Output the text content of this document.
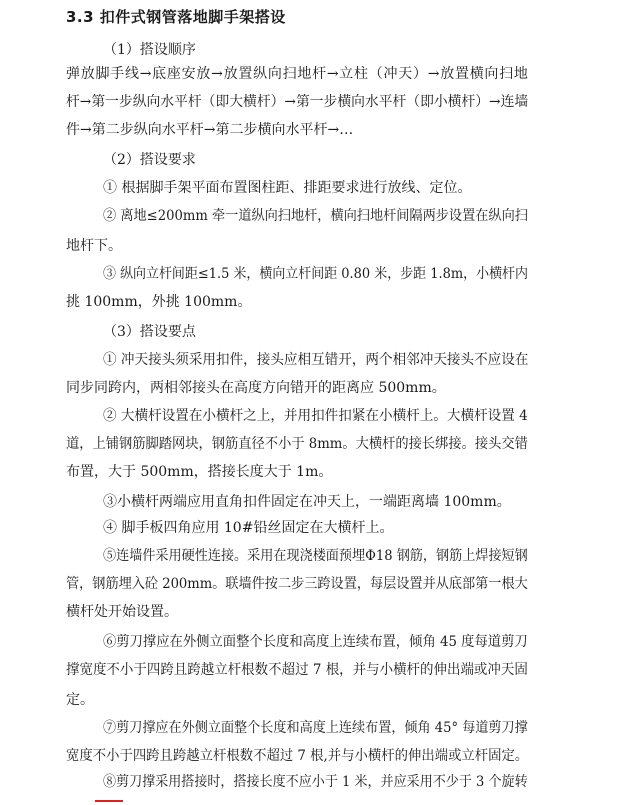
3.3 扣件式钢管落地脚手架搭设
（1）搭设顺序
弹放脚手线→底座安放→放置纵向扫地杆→立柱（冲天）→放置横向扫地
杆→第一步纵向水平杆（即大横杆）→第一步横向水平杆（即小横杆）→连墙
件→第二步纵向水平杆→第二步横向水平杆→…
（2）搭设要求
① 根据脚手架平面布置图柱距、排距要求进行放线、定位。
② 离地≤200mm 牵一道纵向扫地杆，横向扫地杆间隔两步设置在纵向扫
地杆下。
③ 纵向立杆间距≤1.5 米，横向立杆间距 0.80 米，步距 1.8m，小横杆内
挑 100mm，外挑 100mm。
（3）搭设要点
① 冲天接头须采用扣件，接头应相互错开，两个相邻冲天接头不应设在
同步同跨内，两相邻接头在高度方向错开的距离应 500mm。
② 大横杆设置在小横杆之上，并用扣件扣紧在小横杆上。大横杆设置 4
道，上铺钢筋脚踏网块，钢筋直径不小于 8mm。大横杆的接长绑接。接头交错
布置，大于 500mm，搭接长度大于 1m。
③小横杆两端应用直角扣件固定在冲天上，一端距离墙 100mm。
④ 脚手板四角应用 10#铅丝固定在大横杆上。
⑤连墙件采用硬性连接。采用在现浇楼面预埋Φ18 钢筋，钢筋上焊接短钢
管，钢筋埋入砼 200mm。联墙件按二步三跨设置，每层设置并从底部第一根大
横杆处开始设置。
⑥剪刀撑应在外侧立面整个长度和高度上连续布置，倾角 45 度每道剪刀
撑宽度不小于四跨且跨越立杆根数不超过 7 根，并与小横杆的伸出端或冲天固
定。
⑦剪刀撑应在外侧立面整个长度和高度上连续布置，倾角 45° 每道剪刀撑
宽度不小于四跨且跨越立杆根数不超过 7 根,并与小横杆的伸出端或立杆固定。
⑧剪刀撑采用搭接时，搭接长度不应小于 1 米，并应采用不少于 3 个旋转
